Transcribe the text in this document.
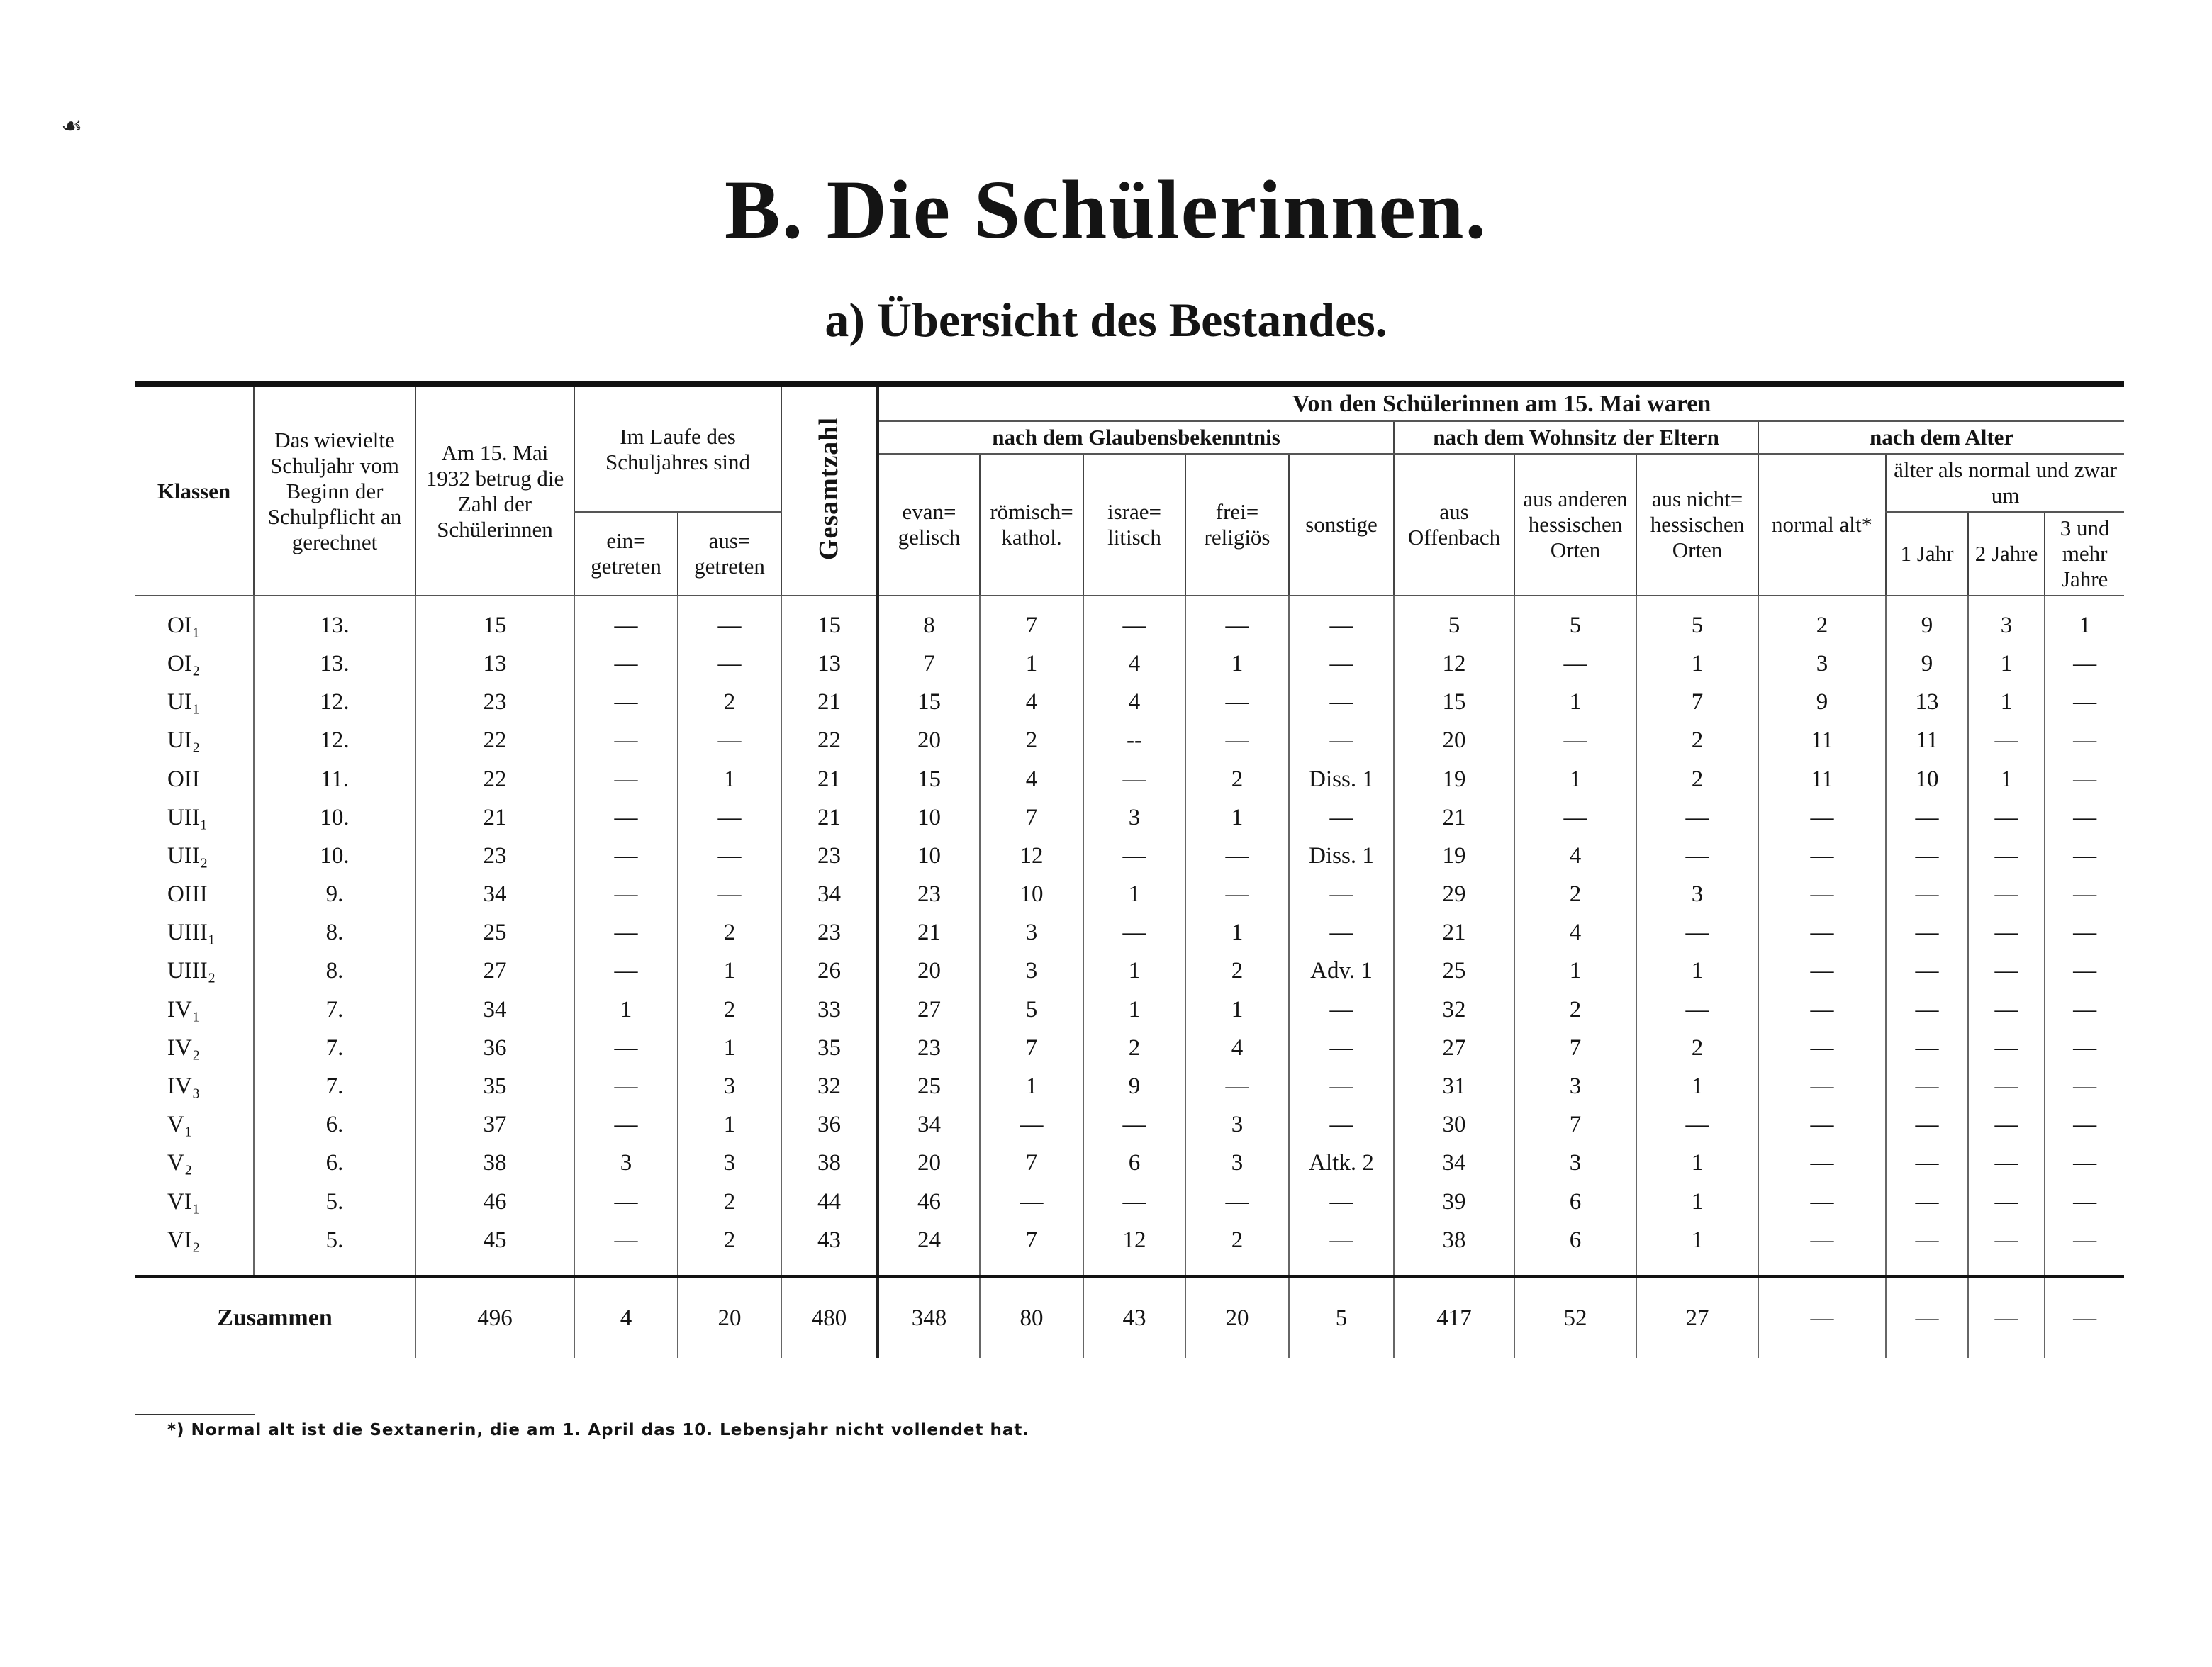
☙
B. Die Schülerinnen.
a) Übersicht des Bestandes.
Klassen	Das wievielte Schuljahr vom Beginn der Schulpflicht an gerechnet	Am 15. Mai 1932 betrug die Zahl der Schülerinnen	Im Laufe des Schuljahres sind		Gesamtzahl	Von den Schülerinnen am 15. Mai waren											
						nach dem Glaubensbekenntnis					nach dem Wohnsitz der Eltern			nach dem Alter			
						evan= gelisch	römisch= kathol.	israe= litisch	frei= religiös	sonstige	aus Offenbach	aus anderen hessischen Orten	aus nicht= hessischen Orten	normal alt*	älter als normal und zwar um		
			ein= getreten	aus= getreten											1 Jahr	2 Jahre	3 und mehr Jahre
OI₁	13.	15	—	—	15	8	7	—	—	—	5	5	5	2	9	3	1
OI₂	13.	13	—	—	13	7	1	4	1	—	12	—	1	3	9	1	—
UI₁	12.	23	—	2	21	15	4	4	—	—	15	1	7	9	13	1	—
UI₂	12.	22	—	—	22	20	2	--	—	—	20	—	2	11	11	—	—
OII	11.	22	—	1	21	15	4	—	2	Diss. 1	19	1	2	11	10	1	—
UII₁	10.	21	—	—	21	10	7	3	1	—	21	—	—	—	—	—	—
UII₂	10.	23	—	—	23	10	12	—	—	Diss. 1	19	4	—	—	—	—	—
OIII	9.	34	—	—	34	23	10	1	—	—	29	2	3	—	—	—	—
UIII₁	8.	25	—	2	23	21	3	—	1	—	21	4	—	—	—	—	—
UIII₂	8.	27	—	1	26	20	3	1	2	Adv. 1	25	1	1	—	—	—	—
IV₁	7.	34	1	2	33	27	5	1	1	—	32	2	—	—	—	—	—
IV₂	7.	36	—	1	35	23	7	2	4	—	27	7	2	—	—	—	—
IV₃	7.	35	—	3	32	25	1	9	—	—	31	3	1	—	—	—	—
V₁	6.	37	—	1	36	34	—	—	3	—	30	7	—	—	—	—	—
V₂	6.	38	3	3	38	20	7	6	3	Altk. 2	34	3	1	—	—	—	—
VI₁	5.	46	—	2	44	46	—	—	—	—	39	6	1	—	—	—	—
VI₂	5.	45	—	2	43	24	7	12	2	—	38	6	1	—	—	—	—
Zusammen		496	4	20	480	348	80	43	20	5	417	52	27	—	—	—	—
*) Normal alt ist die Sextanerin, die am 1. April das 10. Lebensjahr nicht vollendet hat.
